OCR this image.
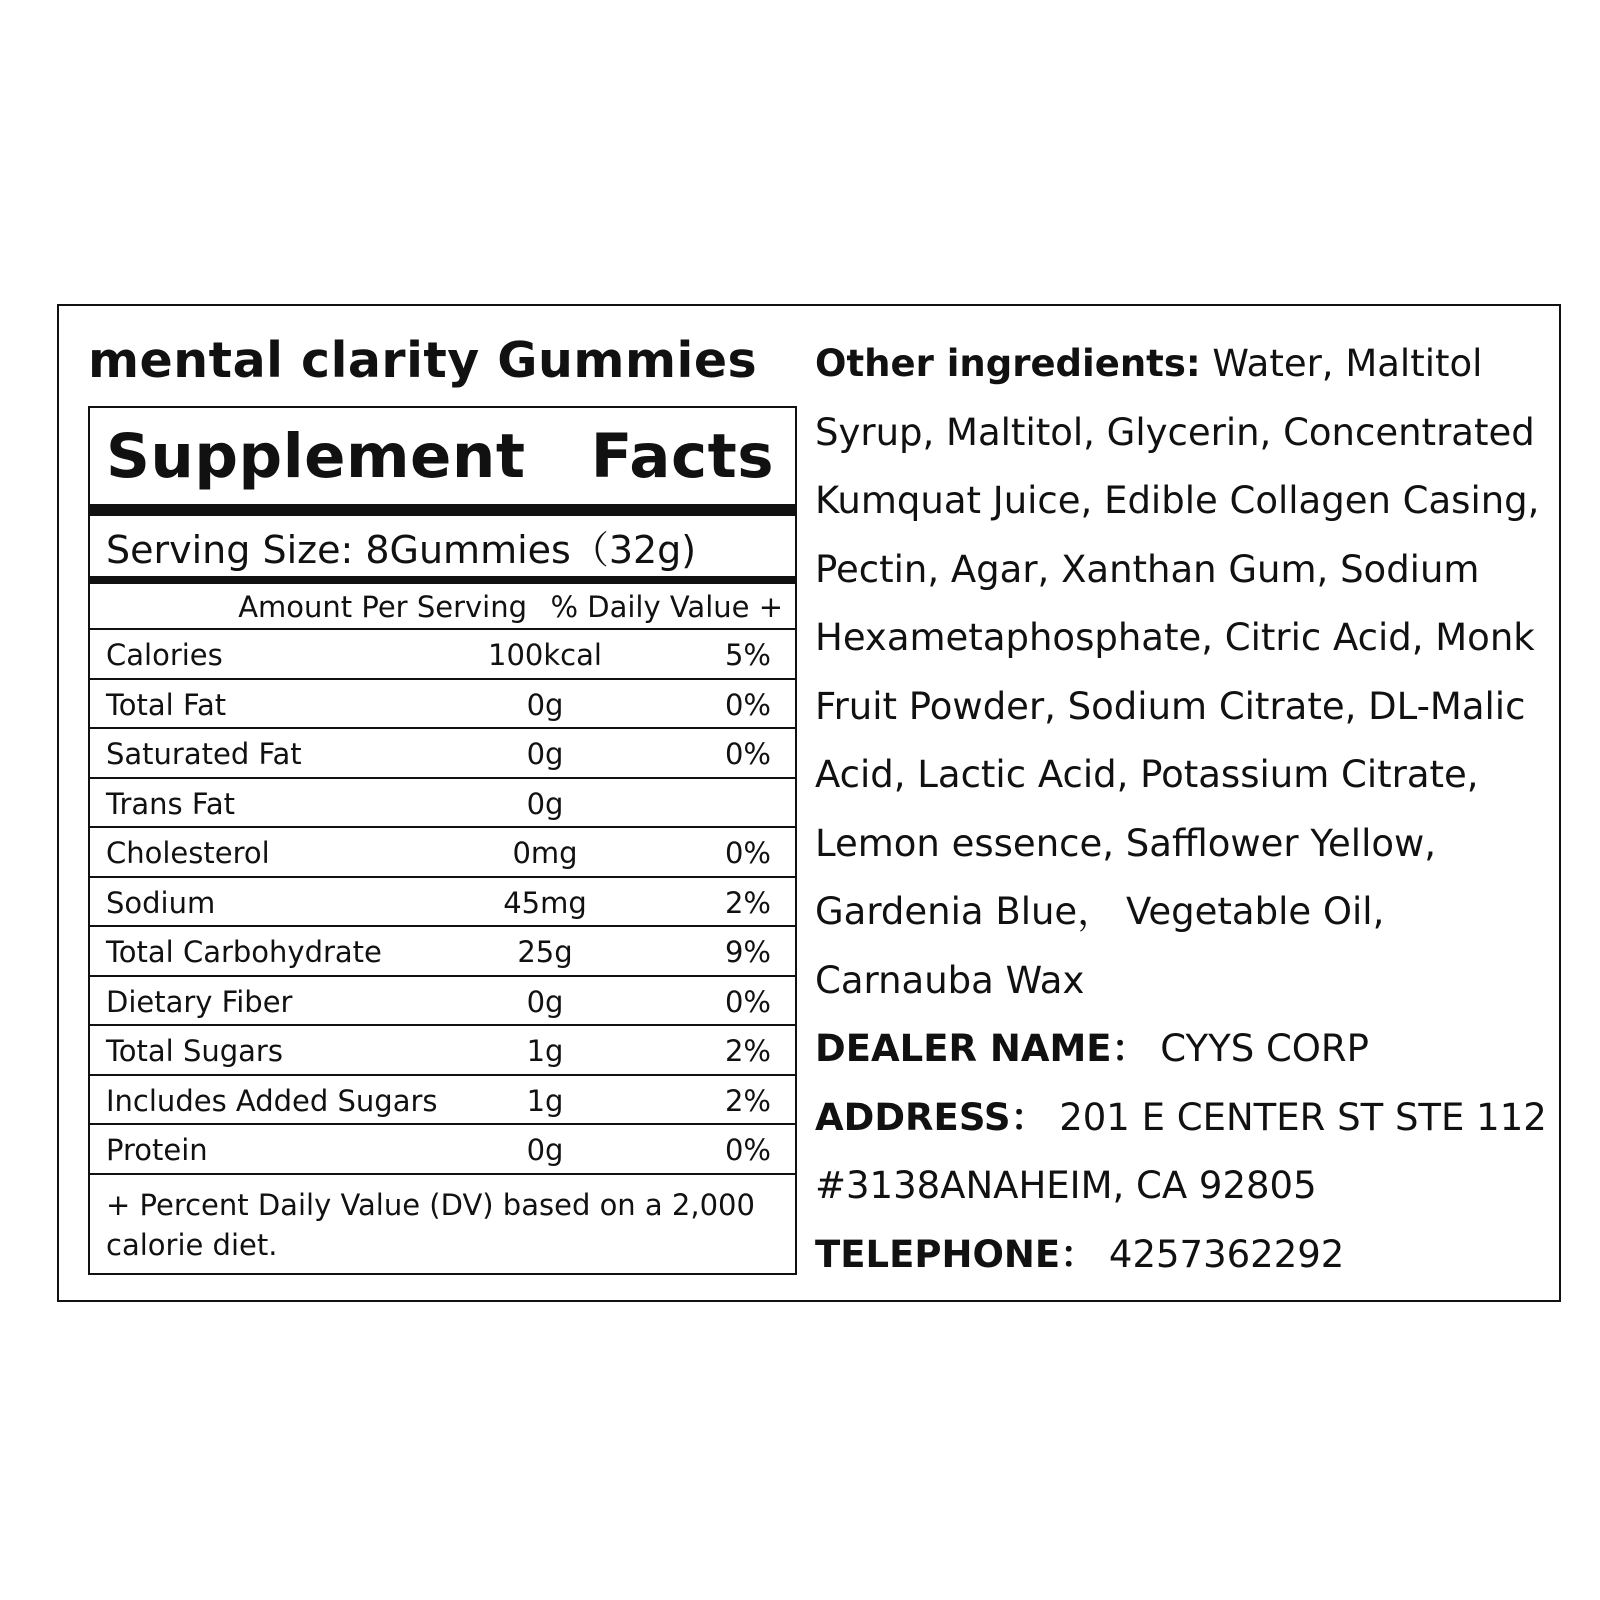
mental clarity Gummies
Supplement   Facts
Serving Size: 8Gummies（32g)
Amount Per Serving % Daily Value +
Calories	100kcal	5%
Total Fat	0g	0%
Saturated Fat	0g	0%
Trans Fat	0g
Cholesterol	0mg	0%
Sodium	45mg	2%
Total Carbohydrate	25g	9%
Dietary Fiber	0g	0%
Total Sugars	1g	2%
Includes Added Sugars	1g	2%
Protein	0g	0%
+ Percent Daily Value (DV) based on a 2,000 calorie diet.
Other ingredients: Water, Maltitol
Syrup, Maltitol, Glycerin, Concentrated
Kumquat Juice, Edible Collagen Casing,
Pectin, Agar, Xanthan Gum, Sodium
Hexametaphosphate, Citric Acid, Monk
Fruit Powder, Sodium Citrate, DL-Malic
Acid, Lactic Acid, Potassium Citrate,
Lemon essence, Safflower Yellow,
Gardenia Blue， Vegetable Oil,
Carnauba Wax
DEALER NAME： CYYS CORP
ADDRESS： 201 E CENTER ST STE 112
#3138ANAHEIM, CA 92805
TELEPHONE： 4257362292
